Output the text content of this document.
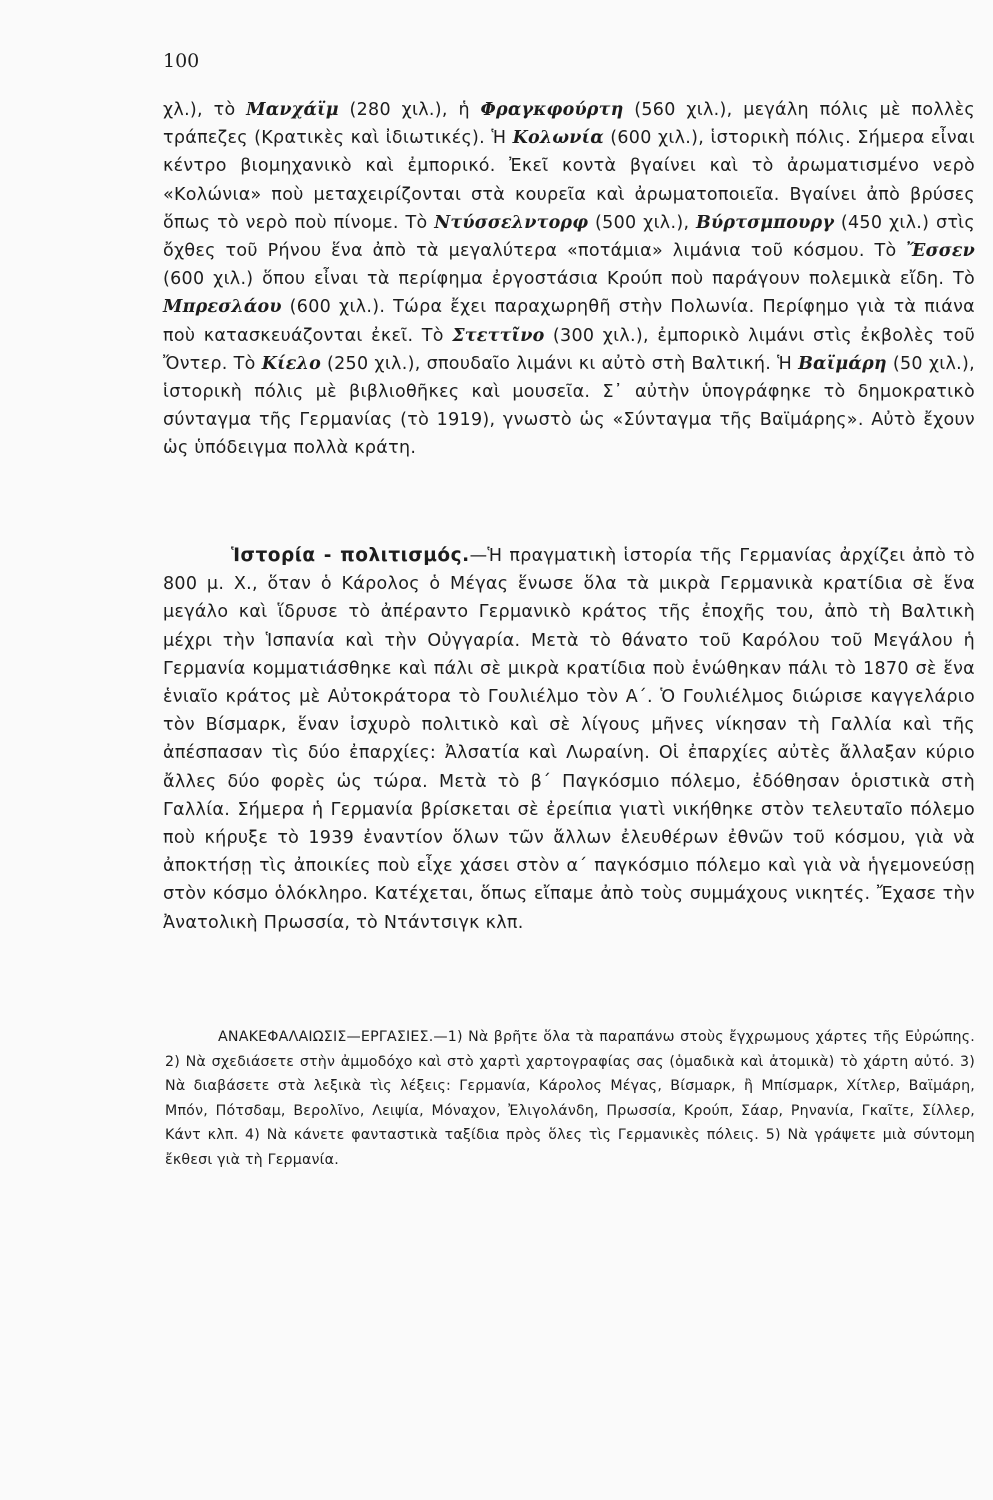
100

χλ.), τὸ Μανχάϊμ (280 χιλ.), ἡ Φραγκφούρτη (560 χιλ.), μεγάλη πόλις μὲ πολλὲς τράπεζες (Κρατικὲς καὶ ἰδιωτικές). Ἡ Κολωνία (600 χιλ.), ἱστορικὴ πόλις. Σήμερα εἶναι κέντρο βιομηχανικὸ καὶ ἐμπορικό. Ἐκεῖ κοντὰ βγαίνει καὶ τὸ ἀρωματισμένο νερὸ «Κολώνια» ποὺ μεταχειρίζονται στὰ κουρεῖα καὶ ἀρωματοποιεῖα. Βγαίνει ἀπὸ βρύσες ὅπως τὸ νερὸ ποὺ πίνομε. Τὸ Ντύσσελντορφ (500 χιλ.), Βύρτσμπουργ (450 χιλ.) στὶς ὄχθες τοῦ Ρήνου ἕνα ἀπὸ τὰ μεγαλύτερα «ποτάμια» λιμάνια τοῦ κόσμου. Τὸ Ἔσσεν (600 χιλ.) ὅπου εἶναι τὰ περίφημα ἐργοστάσια Κρούπ ποὺ παράγουν πολεμικὰ εἴδη. Τὸ Μπρεσλάου (600 χιλ.). Τώρα ἔχει παραχωρηθῆ στὴν Πολωνία. Περίφημο γιὰ τὰ πιάνα ποὺ κατασκευάζονται ἐκεῖ. Τὸ Στεττῖνο (300 χιλ.), ἐμπορικὸ λιμάνι στὶς ἐκβολὲς τοῦ Ὄντερ. Τὸ Κίελο (250 χιλ.), σπουδαῖο λιμάνι κι αὐτὸ στὴ Βαλτική. Ἡ Βαϊμάρη (50 χιλ.), ἱστορικὴ πόλις μὲ βιβλιοθῆκες καὶ μουσεῖα. Σ᾽ αὐτὴν ὑπογράφηκε τὸ δημοκρατικὸ σύνταγμα τῆς Γερμανίας (τὸ 1919), γνωστὸ ὡς «Σύνταγμα τῆς Βαϊμάρης». Αὐτὸ ἔχουν ὡς ὑπόδειγμα πολλὰ κράτη.

Ἱστορία - πολιτισμός.—Ἡ πραγματικὴ ἱστορία τῆς Γερμανίας ἀρχίζει ἀπὸ τὸ 800 μ. Χ., ὅταν ὁ Κάρολος ὁ Μέγας ἕνωσε ὅλα τὰ μικρὰ Γερμανικὰ κρατίδια σὲ ἕνα μεγάλο καὶ ἵδρυσε τὸ ἀπέραντο Γερμανικὸ κράτος τῆς ἐποχῆς του, ἀπὸ τὴ Βαλτικὴ μέχρι τὴν Ἱσπανία καὶ τὴν Οὐγγαρία. Μετὰ τὸ θάνατο τοῦ Καρόλου τοῦ Μεγάλου ἡ Γερμανία κομματιάσθηκε καὶ πάλι σὲ μικρὰ κρατίδια ποὺ ἑνώθηκαν πάλι τὸ 1870 σὲ ἕνα ἑνιαῖο κράτος μὲ Αὐτοκράτορα τὸ Γουλιέλμο τὸν Α΄. Ὁ Γουλιέλμος διώρισε καγγελάριο τὸν Βίσμαρκ, ἕναν ἰσχυρὸ πολιτικὸ καὶ σὲ λίγους μῆνες νίκησαν τὴ Γαλλία καὶ τῆς ἀπέσπασαν τὶς δύο ἐπαρχίες: Ἀλσατία καὶ Λωραίνη. Οἱ ἐπαρχίες αὐτὲς ἄλλαξαν κύριο ἄλλες δύο φορὲς ὡς τώρα. Μετὰ τὸ β΄ Παγκόσμιο πόλεμο, ἐδόθησαν ὁριστικὰ στὴ Γαλλία. Σήμερα ἡ Γερμανία βρίσκεται σὲ ἐρείπια γιατὶ νικήθηκε στὸν τελευταῖο πόλεμο ποὺ κήρυξε τὸ 1939 ἐναντίον ὅλων τῶν ἄλλων ἐλευθέρων ἐθνῶν τοῦ κόσμου, γιὰ νὰ ἀποκτήσῃ τὶς ἀποικίες ποὺ εἶχε χάσει στὸν α΄ παγκόσμιο πόλεμο καὶ γιὰ νὰ ἡγεμονεύσῃ στὸν κόσμο ὁλόκληρο. Κατέχεται, ὅπως εἴπαμε ἀπὸ τοὺς συμμάχους νικητές. Ἔχασε τὴν Ἀνατολικὴ Πρωσσία, τὸ Ντάντσιγκ κλπ.

ΑΝΑΚΕΦΑΛΑΙΩΣΙΣ—ΕΡΓΑΣΙΕΣ.—1) Νὰ βρῆτε ὅλα τὰ παραπάνω στοὺς ἔγχρωμους χάρτες τῆς Εὐρώπης. 2) Νὰ σχεδιάσετε στὴν ἀμμοδόχο καὶ στὸ χαρτὶ χαρτογραφίας σας (ὁμαδικὰ καὶ ἀτομικὰ) τὸ χάρτη αὐτό. 3) Νὰ διαβάσετε στὰ λεξικὰ τὶς λέξεις: Γερμανία, Κάρολος Μέγας, Βίσμαρκ, ἢ Μπίσμαρκ, Χίτλερ, Βαϊμάρη, Μπόν, Πότσδαμ, Βερολῖνο, Λειψία, Μόναχον, Ἐλιγολάνδη, Πρωσσία, Κρούπ, Σάαρ, Ρηνανία, Γκαῖτε, Σίλλερ, Κάντ κλπ. 4) Νὰ κάνετε φανταστικὰ ταξίδια πρὸς ὅλες τὶς Γερμανικὲς πόλεις. 5) Νὰ γράψετε μιὰ σύντομη ἔκθεσι γιὰ τὴ Γερμανία.
